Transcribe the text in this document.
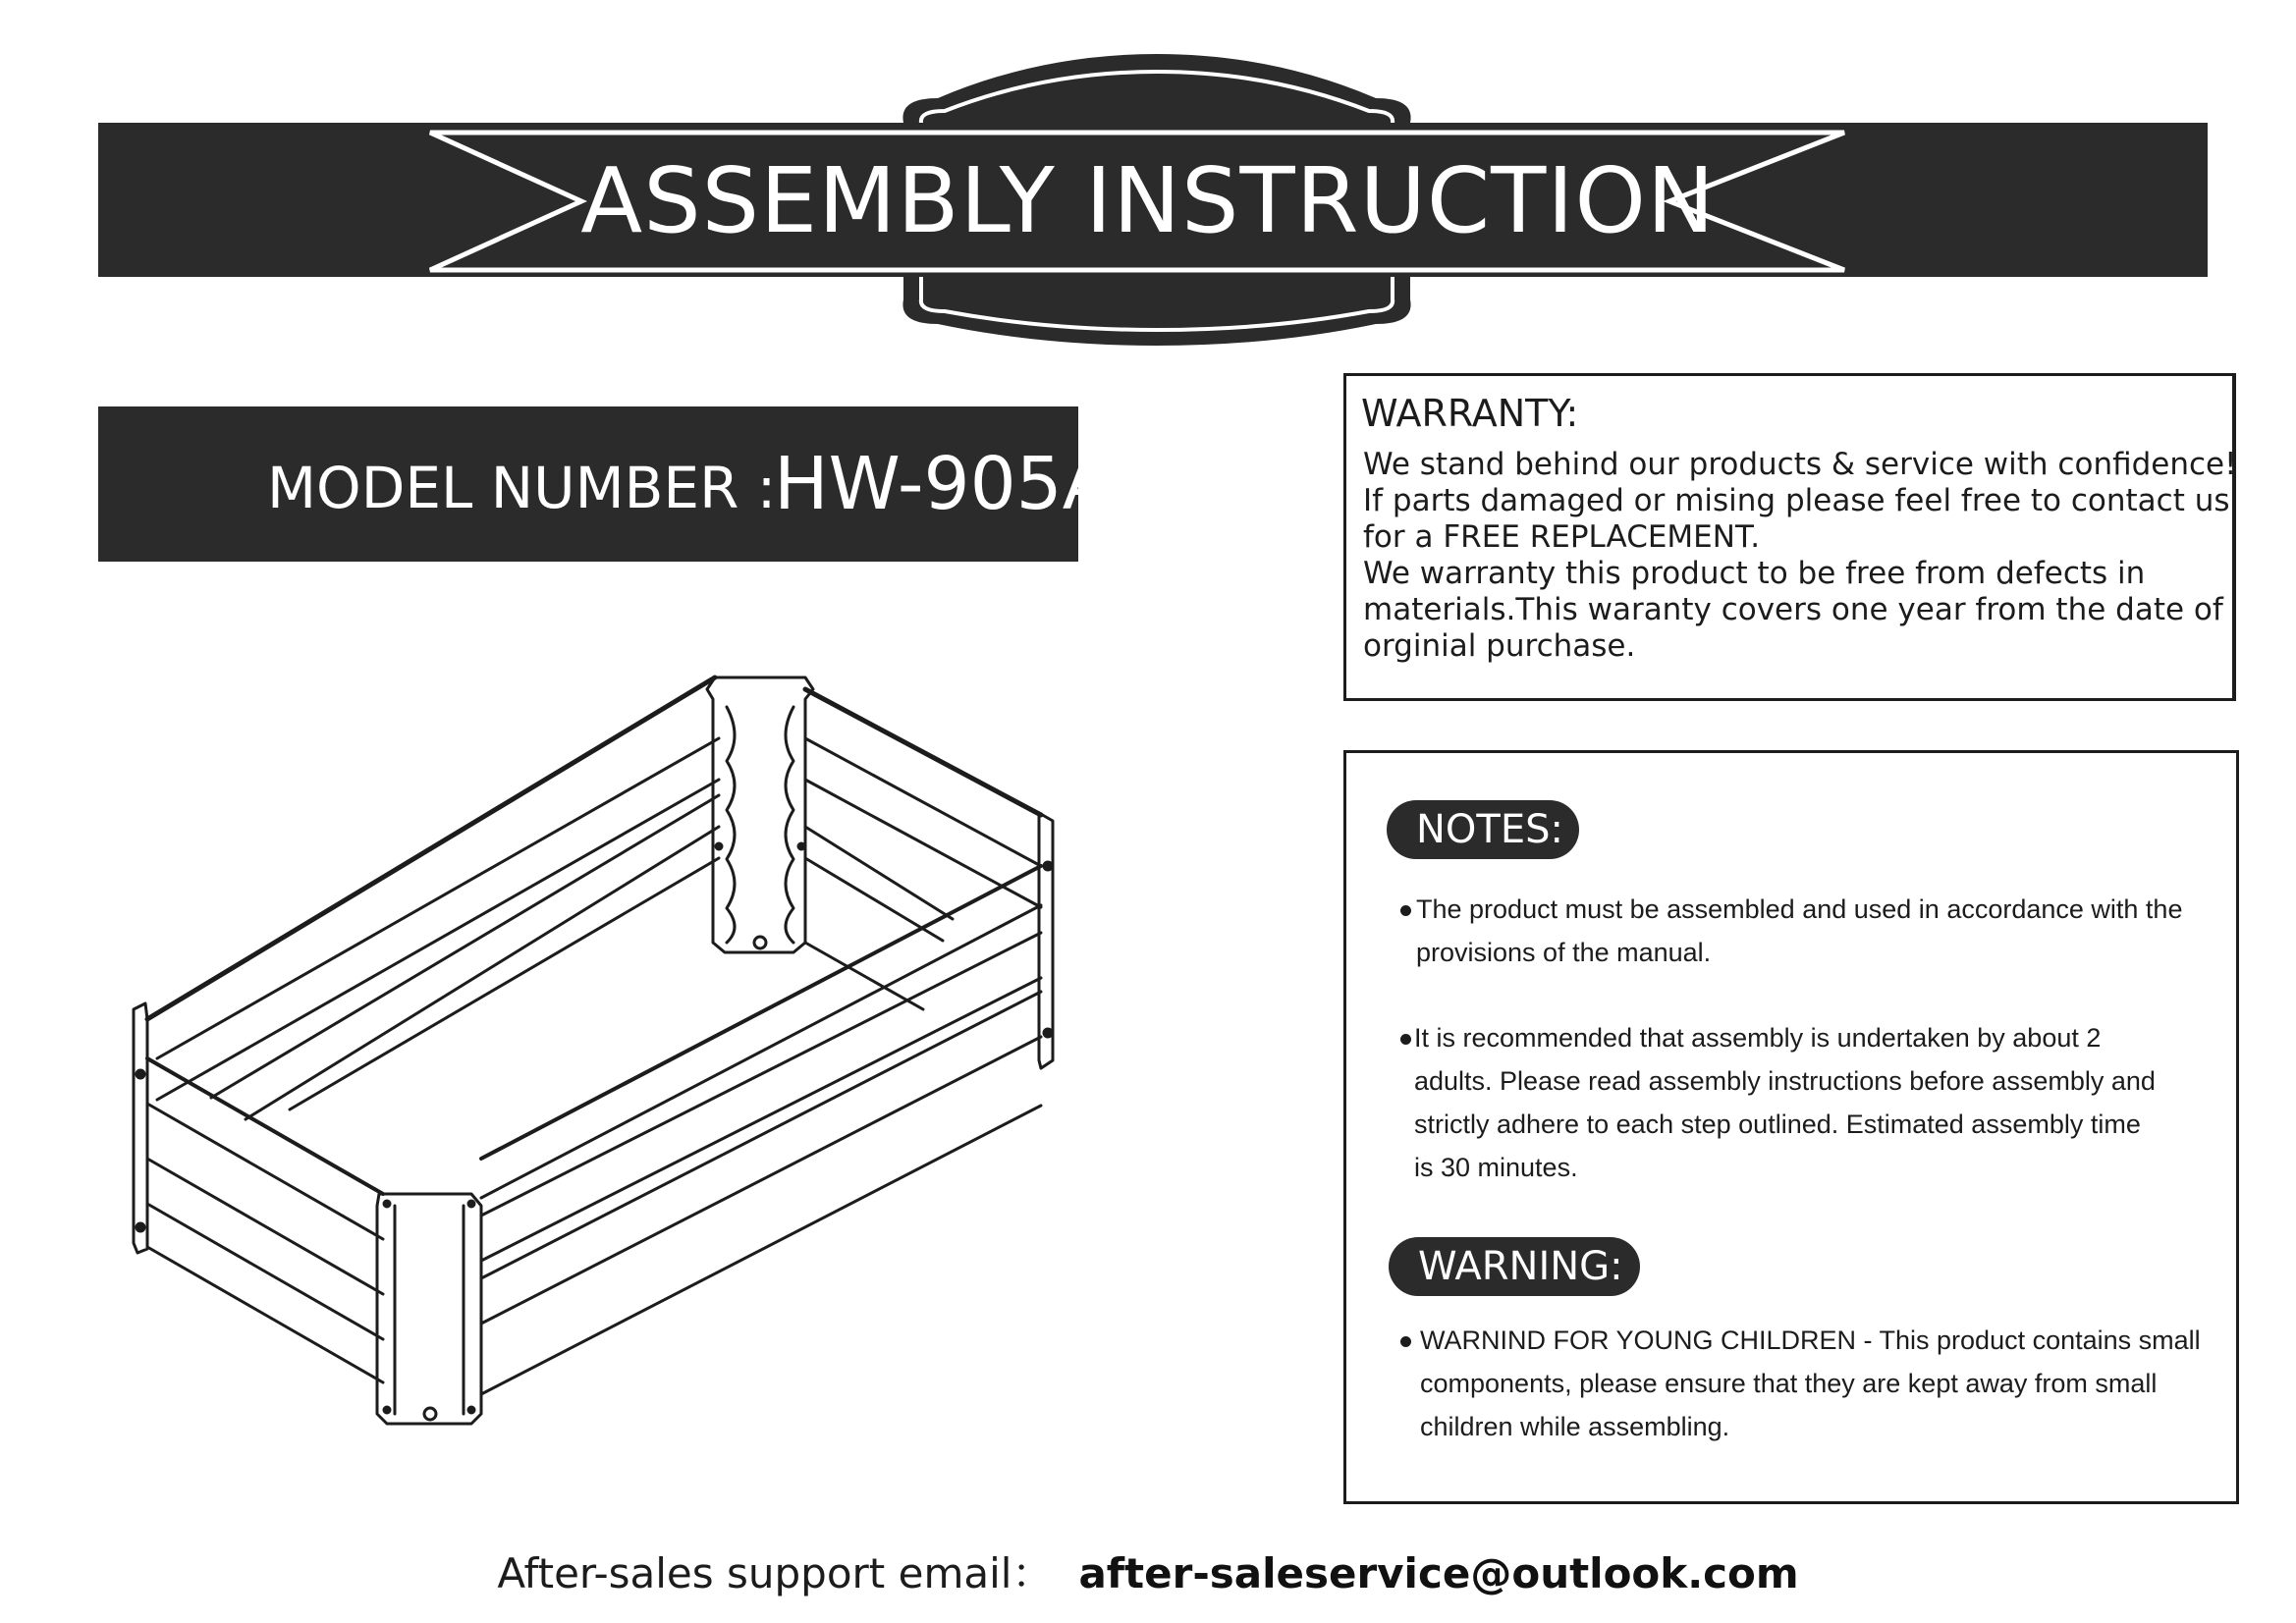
ASSEMBLY INSTRUCTION
MODEL NUMBER :
HW-905A
WARRANTY:
We stand behind our products & service with confidence!
If parts damaged or mising please feel free to contact us
for a FREE REPLACEMENT.
We warranty this product to be free from defects in
materials.This waranty covers one year from the date of
orginial purchase.
NOTES:
The product must be assembled and used in accordance with the
provisions of the manual.
It is recommended that assembly is undertaken by about 2
adults. Please read assembly instructions before assembly and
strictly adhere to each step outlined. Estimated assembly time
is 30 minutes.
WARNING:
WARNIND FOR YOUNG CHILDREN - This product contains small
components, please ensure that they are kept away from small
children while assembling.
After-sales support email： after-saleservice@outlook.com
